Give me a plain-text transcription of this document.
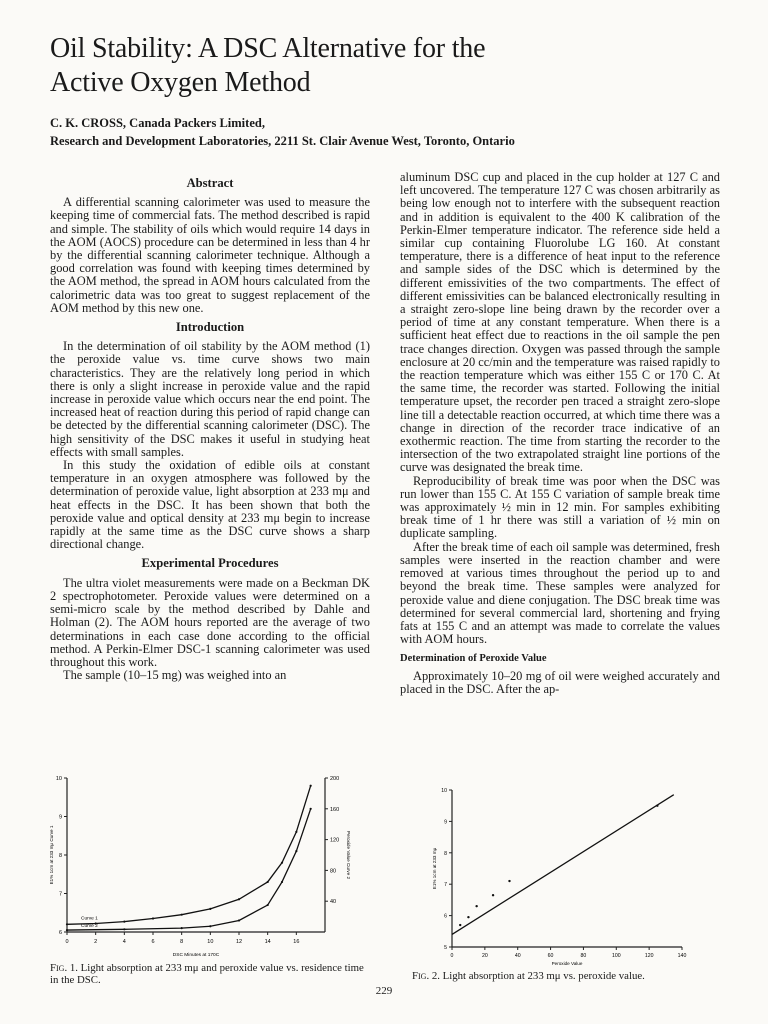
Oil Stability: A DSC Alternative for the
Active Oxygen Method
C. K. CROSS, Canada Packers Limited,
Research and Development Laboratories, 2211 St. Clair Avenue West, Toronto, Ontario
Abstract

A differential scanning calorimeter was used to measure the keeping time of commercial fats. The method described is rapid and simple. The stability of oils which would require 14 days in the AOM (AOCS) procedure can be determined in less than 4 hr by the differential scanning calorimeter technique. Although a good correlation was found with keeping times determined by the AOM method, the spread in AOM hours calculated from the calorimetric data was too great to suggest replacement of the AOM method by this new one.

Introduction

In the determination of oil stability by the AOM method (1) the peroxide value vs. time curve shows two main characteristics. They are the relatively long period in which there is only a slight increase in peroxide value and the rapid increase in peroxide value which occurs near the end point. The increased heat of reaction during this period of rapid change can be detected by the differential scanning calorimeter (DSC). The high sensitivity of the DSC makes it useful in studying heat effects with small samples.

In this study the oxidation of edible oils at constant temperature in an oxygen atmosphere was followed by the determination of peroxide value, light absorption at 233 mμ and heat effects in the DSC. It has been shown that both the peroxide value and optical density at 233 mμ begin to increase rapidly at the same time as the DSC curve shows a sharp directional change.

Experimental Procedures

The ultra violet measurements were made on a Beckman DK 2 spectrophotometer. Peroxide values were determined on a semi-micro scale by the method described by Dahle and Holman (2). The AOM hours reported are the average of two determinations in each case done according to the official method. A Perkin-Elmer DSC-1 scanning calorimeter was used throughout this work.

The sample (10–15 mg) was weighed into an

aluminum DSC cup and placed in the cup holder at 127 C and left uncovered. The temperature 127 C was chosen arbitrarily as being low enough not to interfere with the subsequent reaction and in addition is equivalent to the 400 K calibration of the Perkin-Elmer temperature indicator. The reference side held a similar cup containing Fluorolube LG 160. At constant temperature, there is a difference of heat input to the reference and sample sides of the DSC which is determined by the different emissivities of the two compartments. The effect of different emissivities can be balanced electronically resulting in a straight zero-slope line being drawn by the recorder over a period of time at any constant temperature. When there is a sufficient heat effect due to reactions in the oil sample the pen trace changes direction. Oxygen was passed through the sample enclosure at 20 cc/min and the temperature was raised rapidly to the reaction temperature which was either 155 C or 170 C. At the same time, the recorder was started. Following the initial temperature upset, the recorder pen traced a straight zero-slope line till a detectable reaction occurred, at which time there was a change in direction of the recorder trace indicative of an exothermic reaction. The time from starting the recorder to the intersection of the two extrapolated straight line portions of the curve was designated the break time.

Reproducibility of break time was poor when the DSC was run lower than 155 C. At 155 C variation of sample break time was approximately ½ min in 12 min. For samples exhibiting break time of 1 hr there was still a variation of ½ min on duplicate sampling.

After the break time of each oil sample was determined, fresh samples were inserted in the reaction chamber and were removed at various times throughout the period up to and beyond the break time. These samples were analyzed for peroxide value and diene conjugation. The DSC break time was determined for several commercial lard, shortening and frying fats at 155 C and an attempt was made to correlate the values with AOM hours.

Determination of Peroxide Value

Approximately 10–20 mg of oil were weighed accurately and placed in the DSC. After the ap-

0	2	4	6	8	10	12	14	16
6
7
8
9
10
40
80
120
160
200
DSC Minutes at 170C
E1% 1cm at 233 mμ Curve 1	Peroxide Value Curve 2
Curve 1
Curve 2
Fig. 1. Light absorption at 233 mμ and peroxide value vs. residence time in the DSC.
0	20	40	60	80	100	120	140
5
6
7
8
9
10
Peroxide Value
E1% 1cm at 233 mμ
Fig. 2. Light absorption at 233 mμ vs. peroxide value.
229
